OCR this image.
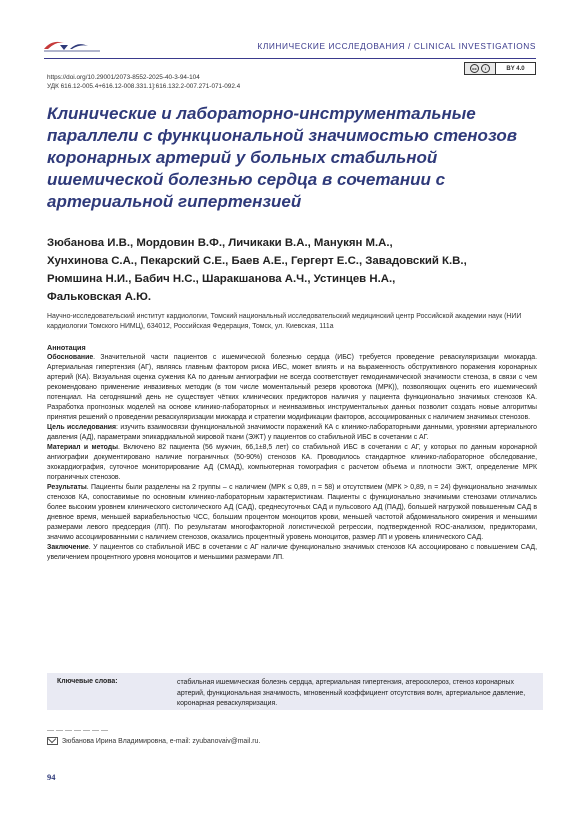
КЛИНИЧЕСКИЕ ИССЛЕДОВАНИЯ / CLINICAL INVESTIGATIONS
cc	i	BY 4.0
https://doi.org/10.29001/2073-8552-2025-40-3-94-104
УДК 616.12-005.4+616.12-008.331.1]:616.132.2-007.271-071-092.4
Клинические и лабораторно-инструментальные параллели с функциональной значимостью стенозов коронарных артерий у больных стабильной ишемической болезнью сердца в сочетании с артериальной гипертензией
Зюбанова И.В., Мордовин В.Ф., Личикаки В.А., Манукян М.А.,
Хунхинова С.А., Пекарский С.Е., Баев А.Е., Гергерт Е.С., Завадовский К.В.,
Рюмшина Н.И., Бабич Н.С., Шаракшанова А.Ч., Устинцев Н.А.,
Фальковская А.Ю.
Научно-исследовательский институт кардиологии, Томский национальный исследовательский медицинский центр Российской академии наук (НИИ кардиологии Томского НИМЦ), 634012, Российская Федерация, Томск, ул. Киевская, 111а

Аннотация

Обоснование. Значительной части пациентов с ишемической болезнью сердца (ИБС) требуется проведение реваскуляризации миокарда. Артериальная гипертензия (АГ), являясь главным фактором риска ИБС, может влиять и на выраженность обструктивного поражения коронарных артерий (КА). Визуальная оценка сужения КА по данным ангиографии не всегда соответствует гемодинамической значимости стеноза, в связи с чем рекомендовано применение инвазивных методик (в том числе моментальный резерв кровотока (МРК)), позволяющих оценить его ишемический потенциал. На сегодняшний день не существует чётких клинических предикторов наличия у пациента функционально значимых стенозов КА. Разработка прогнозных моделей на основе клинико-лабораторных и неинвазивных инструментальных данных позволит создать новые алгоритмы принятия решений о проведении реваскуляризации миокарда и стратегии модификации факторов, ассоциированных с наличием значимых стенозов.

Цель исследования: изучить взаимосвязи функциональной значимости поражений КА с клинико-лабораторными данными, уровнями артериального давления (АД), параметрами эпикардиальной жировой ткани (ЭЖТ) у пациентов со стабильной ИБС в сочетании с АГ.

Материал и методы. Включено 82 пациента (56 мужчин, 66,1±8,5 лет) со стабильной ИБС в сочетании с АГ, у которых по данным коронарной ангиографии документировано наличие пограничных (50-90%) стенозов КА. Проводилось стандартное клинико-лабораторное обследование, эхокардиография, суточное мониторирование АД (СМАД), компьютерная томография с расчетом объема и плотности ЭЖТ, определение МРК пограничных стенозов.

Результаты. Пациенты были разделены на 2 группы – с наличием (МРК ≤ 0,89, n = 58) и отсутствием (МРК > 0,89, n = 24) функционально значимых стенозов КА, сопоставимые по основным клинико-лабораторным характеристикам. Пациенты с функционально значимыми стенозами отличались более высоким уровнем клинического систолического АД (САД), среднесуточных САД и пульсового АД (ПАД), большей нагрузкой повышенным САД в дневное время, меньшей вариабельностью ЧСС, большим процентом моноцитов крови, меньшей частотой абдоминального ожирения и меньшими размерами левого предсердия (ЛП). По результатам многофакторной логистической регрессии, подтвержденной ROC-анализом, предикторами, значимо ассоциированными с наличием стенозов, оказались процентный уровень моноцитов, размер ЛП и уровень клинического САД.

Заключение. У пациентов со стабильной ИБС в сочетании с АГ наличие функционально значимых стенозов КА ассоциировано с повышением САД, увеличением процентного уровня моноцитов и меньшими размерами ЛП.

Ключевые слова:	стабильная ишемическая болезнь сердца, артериальная гипертензия, атеросклероз, стеноз коронарных артерий, функциональная значимость, мгновенный коэффициент отсутствия волн, артериальное давление, коронарная реваскуляризация.
———————
Зюбанова Ирина Владимировна, e-mail: zyubanovaiv@mail.ru.
94
